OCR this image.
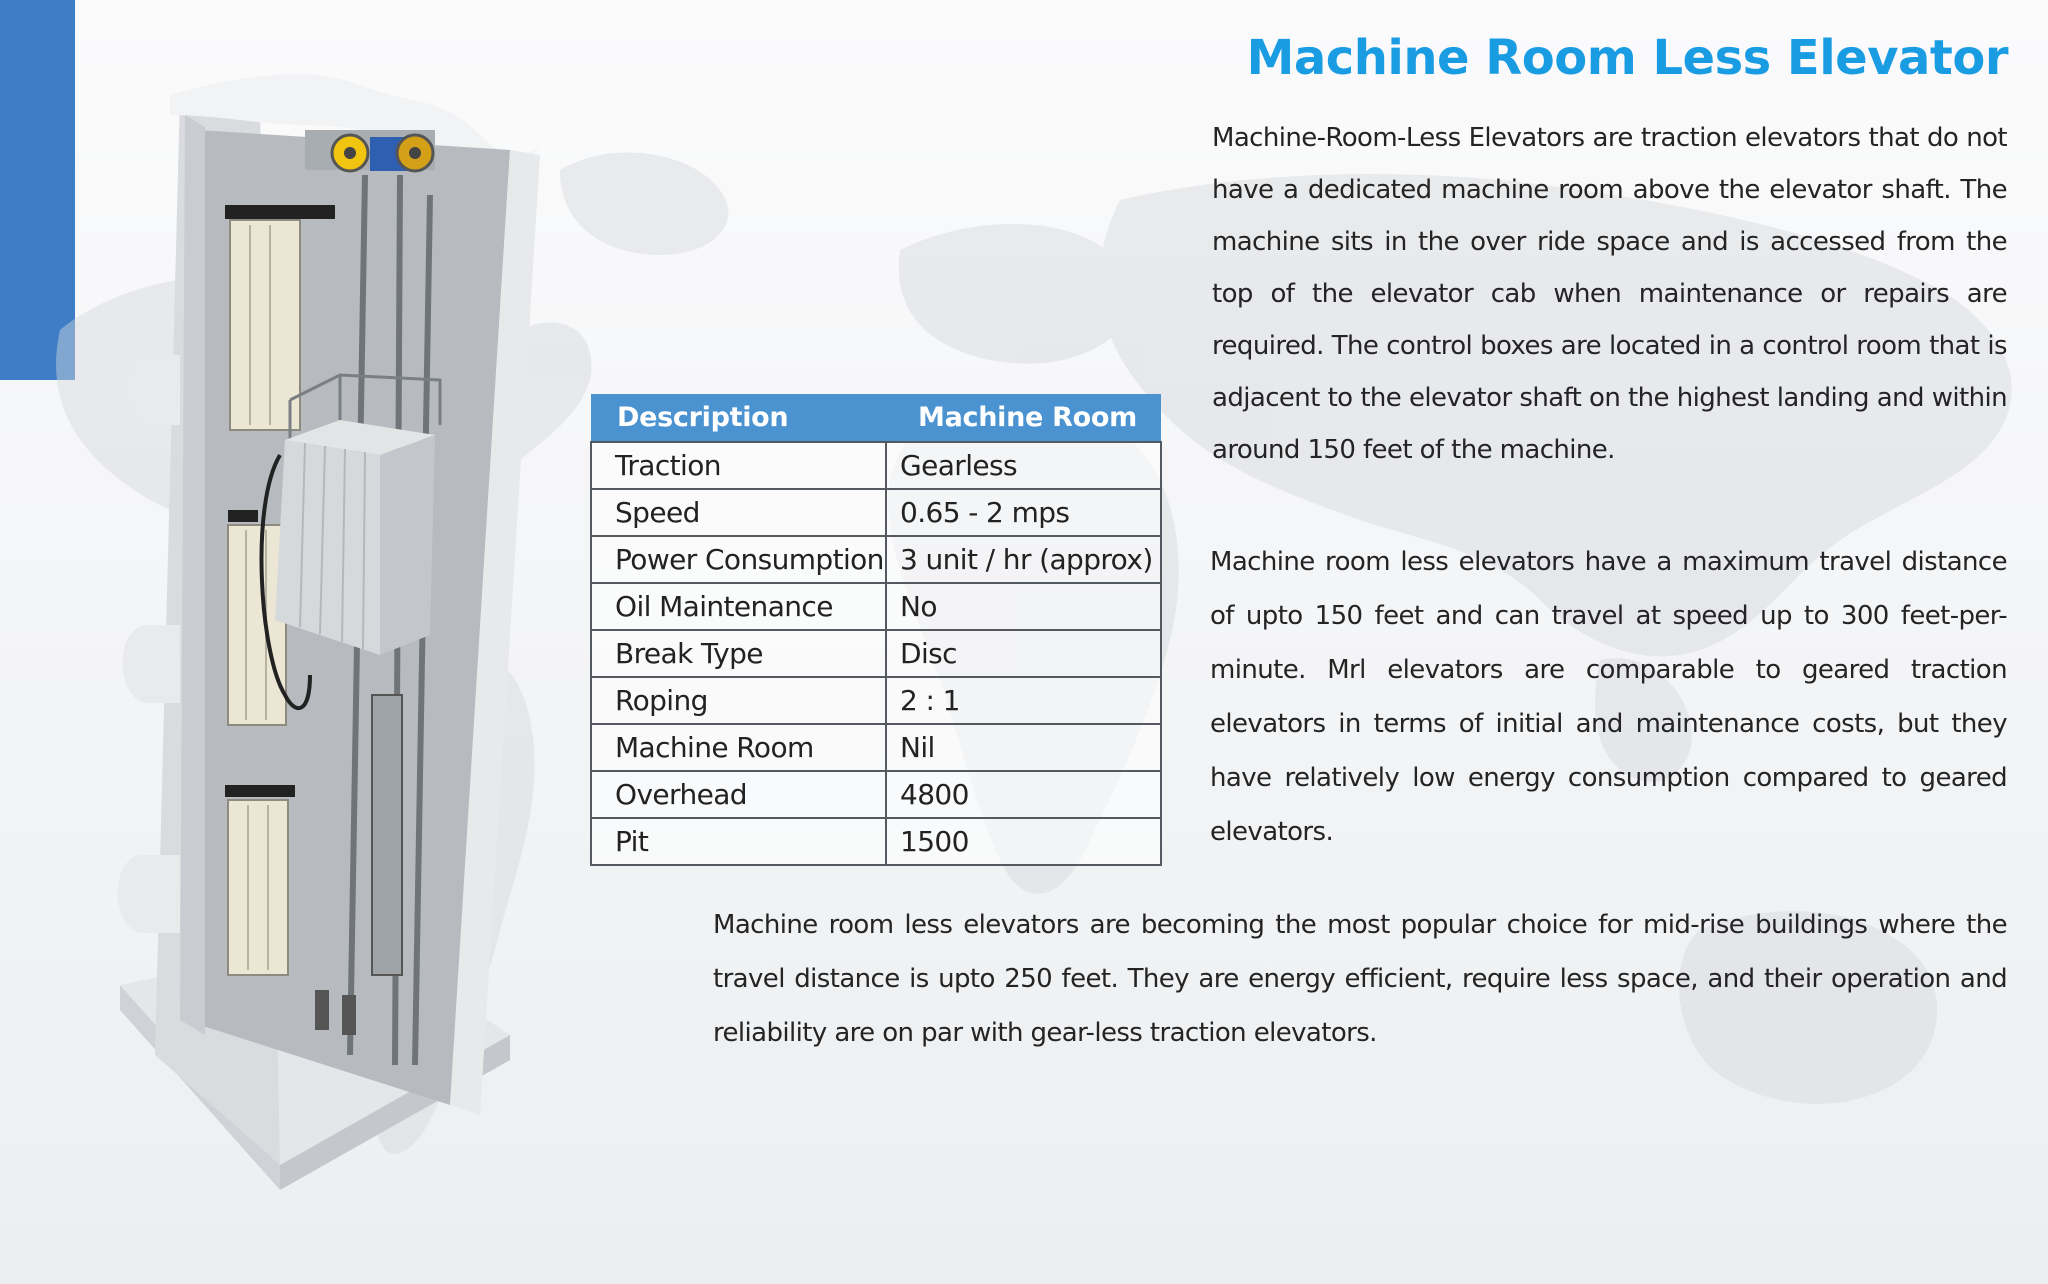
Machine Room Less Elevator

Machine-Room-Less Elevators are traction elevators that do not have a dedicated machine room above the elevator shaft. The machine sits in the over ride space and is accessed from the top of the elevator cab when maintenance or repairs are required. The control boxes are located in a control room that is adjacent to the elevator shaft on the highest landing and within around 150 feet of the machine.

Machine room less elevators have a maximum travel distance of upto 150 feet and can travel at speed up to 300 feet-per-minute. Mrl elevators are comparable to geared traction elevators in terms of initial and maintenance costs, but they have relatively low energy consumption compared to geared elevators.

Machine room less elevators are becoming the most popular choice for mid-rise buildings where the travel distance is upto 250 feet. They are energy efficient, require less space, and their operation and reliability are on par with gear-less traction elevators.

Description	Machine Room
Traction	Gearless
Speed	0.65 - 2 mps
Power Consumption	3 unit / hr (approx)
Oil Maintenance	No
Break Type	Disc
Roping	2 : 1
Machine Room	Nil
Overhead	4800
Pit	1500
